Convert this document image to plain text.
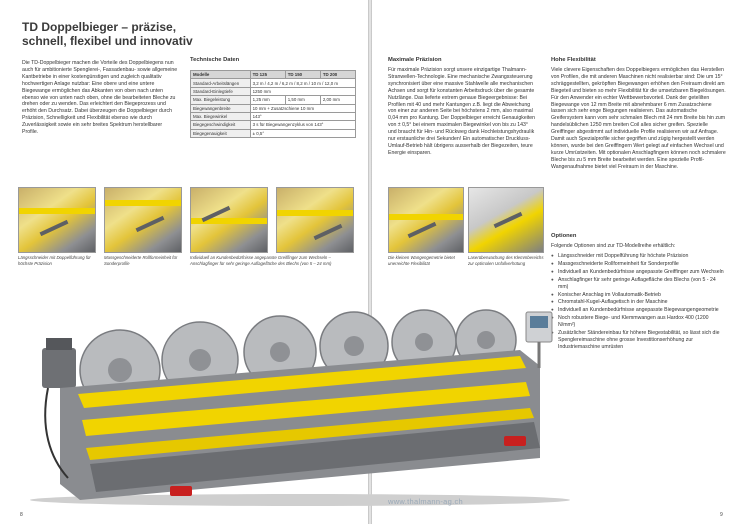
TD Doppelbieger – präzise, schnell, flexibel und innovativ
Die TD-Doppelbieger machen die Vorteile des Doppelbiegens nun auch für ambitionierte Spenglerei-, Fassadenbau- sowie allgemeine Kantbetriebe in einer kostengünstigen und zugleich qualitativ hochwertigen Anlage nutzbar: Eine obere und eine untere Biegewange ermöglichen das Abkanten von oben nach unten ebenso wie von unten nach oben, ohne die bearbeiteten Bleche zu drehen oder zu wenden. Das erleichtert den Biegeprozess und erhöht den Durchsatz. Dabei überzeugen die Doppelbieger durch Präzision, Schnelligkeit und Flexibilität ebenso wie durch Zuverlässigkeit sowie ein sehr breites Spektrum herstellbarer Profile.
Technische Daten
Modelle	TD 125	TD 150	TD 200
Standard-Arbeitslängen	3,2 m / 4,2 m / 6,2 m / 8,2 m / 10 m / 12,0 m		
Standard-Einlegtiefe	1250 mm		
Max. Biegeleistung	1,25 mm	1,50 mm	2,00 mm
Biegewangenbreite	10 mm + Zusatzschiene 10 mm		
Max. Biegewinkel	143°		
Biegegeschwindigkeit	3 s für Biegewangenzyklus von 143°		
Biegegenauigkeit	± 0,5°		
Längsschneider mit Doppelführung für höchste Präzision
Massgeschneiderte Rollformeinheit für Sonderprofile
Individuell an Kundenbedürfnisse angepasste Greiffinger zum Wechseln – Anschlagfinger für sehr geringe Auflagefläche des Blechs (von 5 – 24 mm)
8
Maximale Präzision
Für maximale Präzision sorgt unsere einzigartige Thalmann-Stranwellen-Technologie. Eine mechanische Zwangssteuerung synchronisiert über eine massive Stahlwelle alle mechanischen Achsen und sorgt für konstanten Arbeitsdruck über die gesamte Nutzlänge. Das lieferte extrem genaue Biegeergebnisse: Bei Profilen mit 40 und mehr Kantungen z.B. liegt die Abweichung von einer zur anderen Seite bei höchstens 2 mm, also maximal 0,04 mm pro Kantung. Der Doppelbieger erreicht Genauigkeiten von ± 0,5° bei einem maximalen Biegewinkel von bis zu 143° und braucht für Hin- und Rückweg dank Hochleistungshydraulik nur erstaunliche drei Sekunden! Ein automatischer Druckluss-Umlauf-Betrieb hält übrigens ausserhalb der Biegezeiten, teure Energie einsparen.
Hohe Flexibilität
Viele clevere Eigenschaften des Doppelbiegers ermöglichen das Herstellen von Profilen, die mit anderen Maschinen nicht realisierbar sind: Die um 15° schräggestellten, gekröpften Biegewangen erhöhen den Freiraum direkt am Biegeteil und bieten so mehr Flexibilität für die umsetzbaren Biegelösungen. Für den Anwender ein echter Wettbewerbsvorteil. Dank der getelilten Biegewange von 12 mm Breite mit abnehmbarer 6 mm Zusatzschiene lassen sich sehr enge Biegungen realisieren. Das automatische Greifersystem kann vom sehr schmalen Blech mit 24 mm Breite bis hin zum handelsüblichen 1250 mm breiten Coil alles sicher greifen. Spezielle Greiffinger abgestimmt auf individuelle Profile realisieren wir auf Anfrage. Damit auch Spezialprofile sicher gegriffen und zügig hergestellt werden können, wurde bei den Greiffingern Wert gelegt auf einfachen Wechsel und kurze Umrüstzeiten. Mit optionalen Anschlagfingern können noch schmalere Bleche bis zu 5 mm Breite bearbeitet werden. Eine spezielle Profil-Wangenaufnahme bietet viel Freiraum in der Maschine.
Die kleinen Wangengemetrie bietet unerreichte Flexibilität
Laserüberwachung des Klemmbereichs zur optimalen Unfallverhütung
Optionen
Folgende Optionen sind zur TD-Modellreihe erhältlich:
● Längsschneider mit Doppelführung für höchste Präzision
● Massgeschneiderte Rollformeinheit für Sonderprofile
● Individuell an Kundenbedürfnisse angepasste Greiffinger zum Wechseln
● Anschlagfinger für sehr geringe Auflagefläche des Blechs (von 5 - 24 mm)
● Konischer Anschlag im Vollautomatik-Betrieb
● Chromstahl-Kugel-Auflagetisch in der Maschine
● Individuell an Kundenbedürfnisse angepasste Biegewangengeometrie
● Noch robustere Biege- und Klemmwangen aus Hardox 400 (1200 N/mm²)
● Zusätzlicher Ständereinbau für höhere Biegestabilität, so lässt sich die Spenglereimaschine ohne grosse Investitionserhöhung zur Industriemaschine umrüsten
www.thalmann-ag.ch
9
